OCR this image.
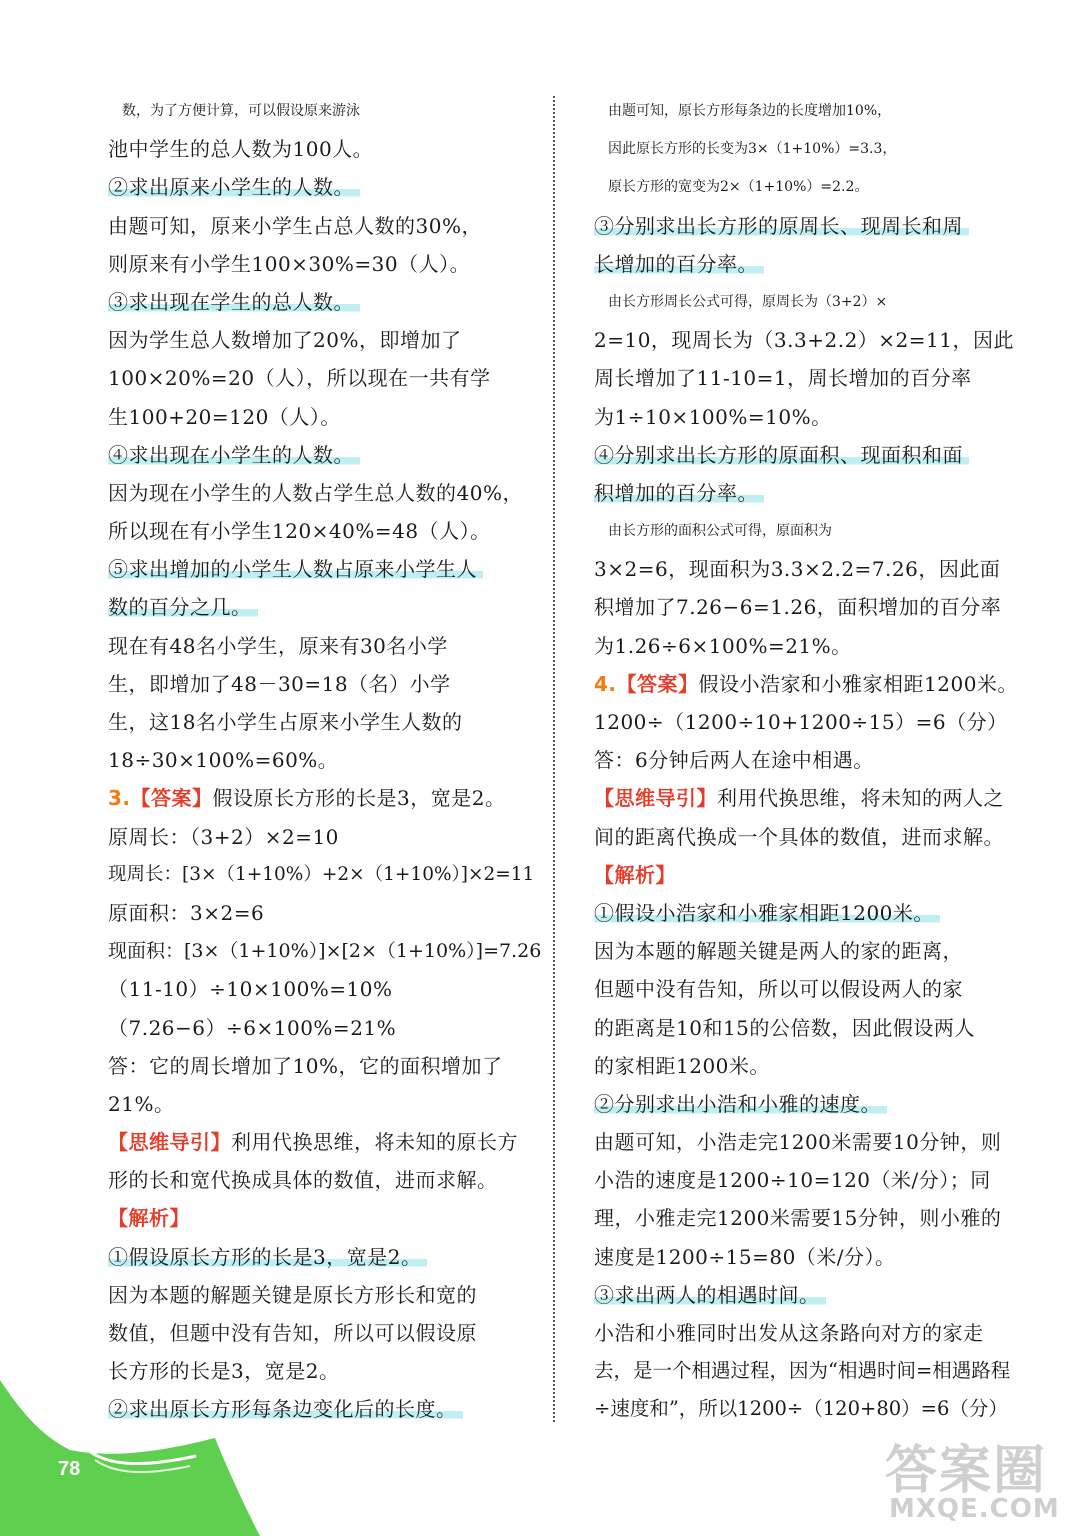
数，为了方便计算，可以假设原来游泳
池中学生的总人数为100人。
②求出原来小学生的人数。
由题可知，原来小学生占总人数的30%，
则原来有小学生100×30%=30（人）。
③求出现在学生的总人数。
因为学生总人数增加了20%，即增加了
100×20%=20（人），所以现在一共有学
生100+20=120（人）。
④求出现在小学生的人数。
因为现在小学生的人数占学生总人数的40%，
所以现在有小学生120×40%=48（人）。
⑤求出增加的小学生人数占原来小学生人
数的百分之几。
现在有48名小学生，原来有30名小学
生，即增加了48－30=18（名）小学
生，这18名小学生占原来小学生人数的
18÷30×100%=60%。
3.【答案】假设原长方形的长是3，宽是2。
原周长：（3+2）×2=10
现周长：[3×（1+10%）+2×（1+10%）]×2=11
原面积：3×2=6
现面积：[3×（1+10%）]×[2×（1+10%）]=7.26
（11-10）÷10×100%=10%
（7.26−6）÷6×100%=21%
答：它的周长增加了10%，它的面积增加了
21%。
【思维导引】利用代换思维，将未知的原长方
形的长和宽代换成具体的数值，进而求解。
【解析】
①假设原长方形的长是3，宽是2。
因为本题的解题关键是原长方形长和宽的
数值，但题中没有告知，所以可以假设原
长方形的长是3，宽是2。
②求出原长方形每条边变化后的长度。
由题可知，原长方形每条边的长度增加10%，
因此原长方形的长变为3×（1+10%）=3.3，
原长方形的宽变为2×（1+10%）=2.2。
③分别求出长方形的原周长、现周长和周
长增加的百分率。
由长方形周长公式可得，原周长为（3+2）×
2=10，现周长为（3.3+2.2）×2=11，因此
周长增加了11-10=1，周长增加的百分率
为1÷10×100%=10%。
④分别求出长方形的原面积、现面积和面
积增加的百分率。
由长方形的面积公式可得，原面积为
3×2=6，现面积为3.3×2.2=7.26，因此面
积增加了7.26−6=1.26，面积增加的百分率
为1.26÷6×100%=21%。
4.【答案】假设小浩家和小雅家相距1200米。
1200÷（1200÷10+1200÷15）=6（分）
答：6分钟后两人在途中相遇。
【思维导引】利用代换思维，将未知的两人之
间的距离代换成一个具体的数值，进而求解。
【解析】
①假设小浩家和小雅家相距1200米。
因为本题的解题关键是两人的家的距离，
但题中没有告知，所以可以假设两人的家
的距离是10和15的公倍数，因此假设两人
的家相距1200米。
②分别求出小浩和小雅的速度。
由题可知，小浩走完1200米需要10分钟，则
小浩的速度是1200÷10=120（米/分）；同
理，小雅走完1200米需要15分钟，则小雅的
速度是1200÷15=80（米/分）。
③求出两人的相遇时间。
小浩和小雅同时出发从这条路向对方的家走
去，是一个相遇过程，因为“相遇时间=相遇路程
÷速度和”，所以1200÷（120+80）=6（分）
78	答案圈
MXQE.COM
